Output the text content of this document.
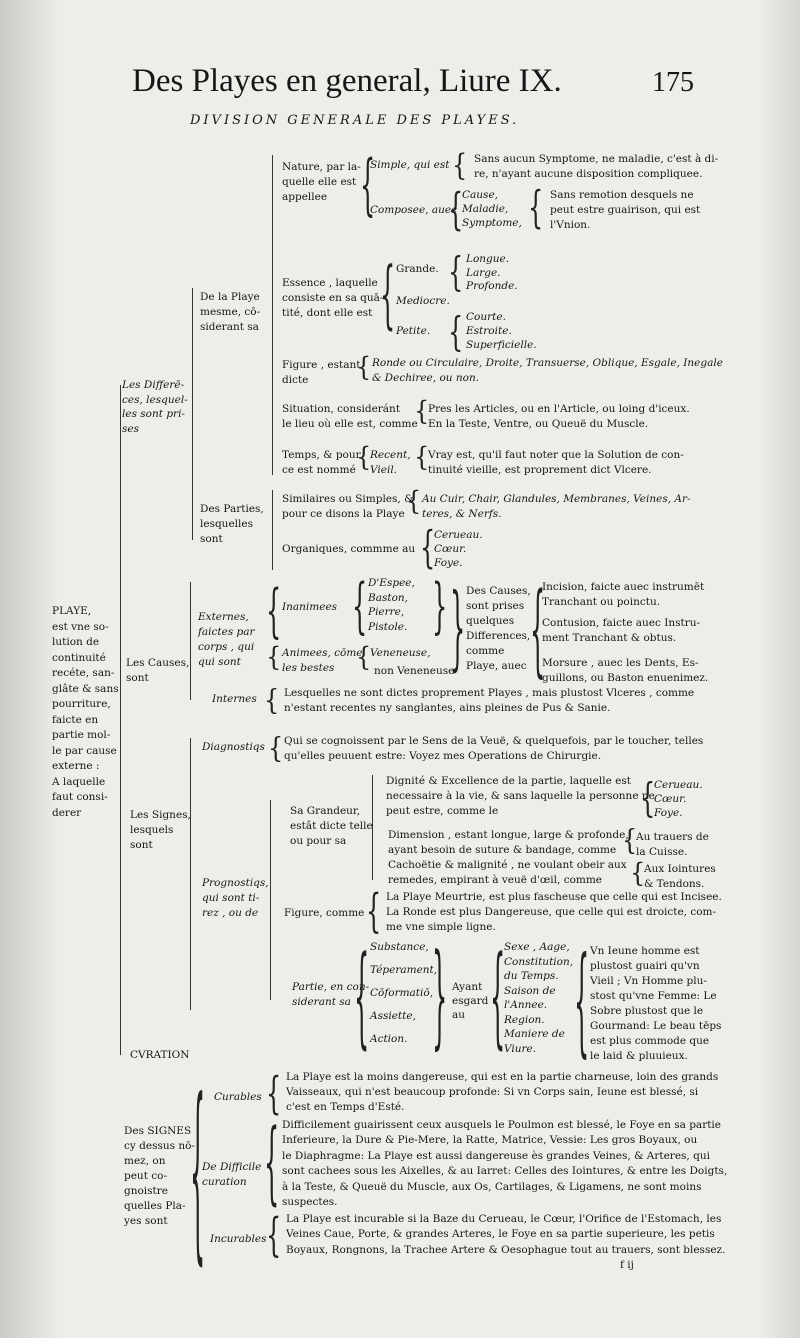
Des Playes en general, Liure IX.	175
DIVISION GENERALE DES PLAYES.
PLAYE,
est vne so-
lution de
continuité
recéte, san-
glâte & sans
pourriture,
faicte en
partie mol-
le par cause
externe :
A laquelle
faut consi-
derer
Les Differē-
ces, lesquel-
les sont pri-
ses
De la Playe
mesme, cō-
siderant sa
Nature, par la-
quelle elle est
appellee {
Simple, qui est { Sans aucun Symptome, ne maladie, c'est à di-
re, n'ayant aucune disposition compliquee.
Composee, auec
{
Cause,
Maladie,
Symptome, { Sans remotion desquels ne
peut estre guairison, qui est
l'Vnion.
Essence , laquelle
consiste en sa quā-
tité, dont elle est { Grande. { Longue.
Large.
Profonde.
Mediocre.
Petite. { Courte.
Estroite.
Superficielle.
Figure , estant
dicte { Ronde ou Circulaire, Droite, Transuerse, Oblique, Esgale, Inegale
& Dechiree, ou non.
Situation, consideránt
le lieu où elle est, comme
{
Pres les Articles, ou en l'Article, ou loing d'iceux.
En la Teste, Ventre, ou Queuë du Muscle.
Temps, & pour
ce est nommé {
Recent,
Vieil. {
Vray est, qu'il faut noter que la Solution de con-
tinuité vieille, est proprement dict Vlcere.
Des Parties,
lesquelles
sont
Similaires ou Simples, &
pour ce disons la Playe { Au Cuir, Chair, Glandules, Membranes, Veines, Ar-
teres, & Nerfs.
Organiques, commme au {
Cerueau.
Cœur.
Foye.
Les Causes,
sont
Externes,
faictes par
corps , qui
qui sont
{ Inanimees { D'Espee,
Baston,
Pierre,
Pistole. }
{ Animees, cōme
les bestes {
Veneneuse,
non Veneneuse
} Des Causes,
sont prises
quelques
Differences,
comme
Playe, auec {
Incision, faicte auec instrumēt
Tranchant ou poinctu.
Contusion, faicte auec Instru-
ment Tranchant & obtus.
Morsure , auec les Dents, Es-
guillons, ou Baston enuenimez.
Internes { Lesquelles ne sont dictes proprement Playes , mais plustost Vlceres , comme
n'estant recentes ny sanglantes, ains pleines de Pus & Sanie.
Les Signes,
lesquels
sont
Diagnostiqs { Qui se cognoissent par le Sens de la Veuë, & quelquefois, par le toucher, telles
qu'elles peuuent estre: Voyez mes Operations de Chirurgie.
Prognostiqs,
qui sont ti-
rez , ou de
Sa Grandeur,
estât dicte telle
ou pour sa
Dignité & Excellence de la partie, laquelle est
necessaire à la vie, & sans laquelle la personne ne
peut estre, comme le	{
Cerueau.
Cœur.
Foye.
Dimension , estant longue, large & profonde,
ayant besoin de suture & bandage, comme {
Au trauers de
la Cuisse.
Cachoëtie & malignité , ne voulant obeir aux
remedes, empirant à veuë d'œil, comme {
Aux Iointures
& Tendons.
Figure, comme { La Playe Meurtrie, est plus fascheuse que celle qui est Incisee.
La Ronde est plus Dangereuse, que celle qui est droicte, com-
me vne simple ligne.
Partie, en con-
siderant sa { Substance,
Téperament,
Cōformatiō,
Assiette,
Action. } Ayant
esgard
au {
Sexe , Aage,
Constitution,
du Temps.
Saison de
l'Annee.
Region.
Maniere de
Viure. { Vn Ieune homme est
plustost guairi qu'vn
Vieil ; Vn Homme plu-
stost qu'vne Femme: Le
Sobre plustost que le
Gourmand: Le beau tēps
est plus commode que
le laid & pluuieux.
CVRATION
Des SIGNES
cy dessus nō-
mez, on
peut co-
gnoistre
quelles Pla-
yes sont { Curables { La Playe est la moins dangereuse, qui est en la partie charneuse, loin des grands
Vaisseaux, qui n'est beaucoup profonde: Si vn Corps sain, Ieune est blessé, si
c'est en Temps d'Esté.
De Difficile
curation { Difficilement guairissent ceux ausquels le Poulmon est blessé, le Foye en sa partie
Inferieure, la Dure & Pie-Mere, la Ratte, Matrice, Vessie: Les gros Boyaux, ou
le Diaphragme: La Playe est aussi dangereuse ès grandes Veines, & Arteres, qui
sont cachees sous les Aixelles, & au Iarret: Celles des Iointures, & entre les Doigts,
à la Teste, & Queuë du Muscle, aux Os, Cartilages, & Ligamens, ne sont moins
suspectes.
Incurables { La Playe est incurable si la Baze du Cerueau, le Cœur, l'Orifice de l'Estomach, les
Veines Caue, Porte, & grandes Arteres, le Foye en sa partie superieure, les petis
Boyaux, Rongnons, la Trachee Artere & Oesophague tout au trauers, sont blessez.
f ij
